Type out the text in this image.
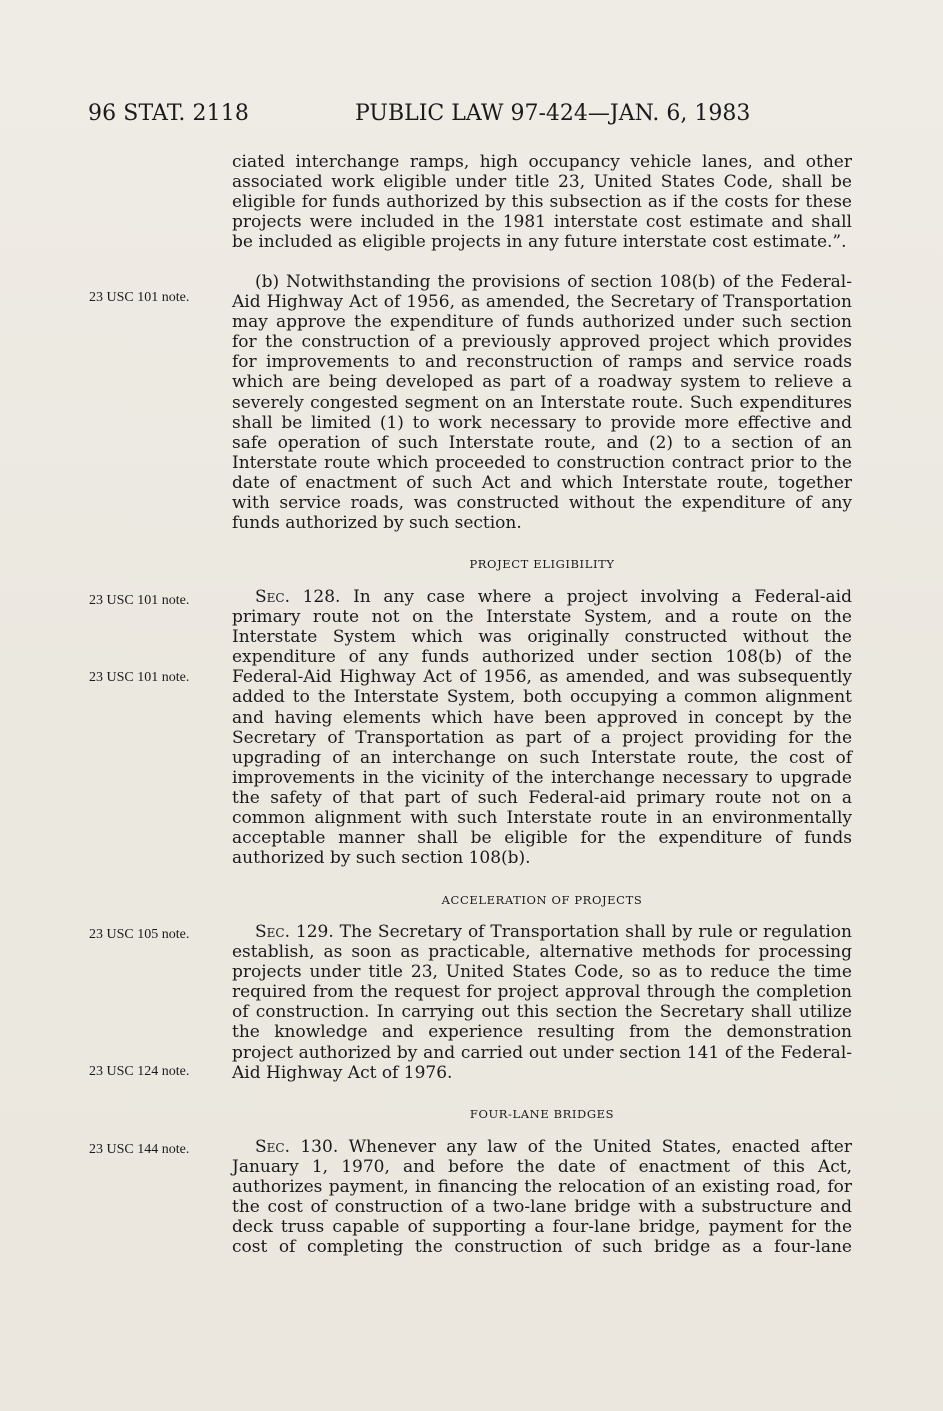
96 STAT. 2118	PUBLIC LAW 97-424—JAN. 6, 1983

ciated interchange ramps, high occupancy vehicle lanes, and other associated work eligible under title 23, United States Code, shall be eligible for funds authorized by this subsection as if the costs for these projects were included in the 1981 interstate cost estimate and shall be included as eligible projects in any future interstate cost estimate.”.

23 USC 101 note.

(b) Notwithstanding the provisions of section 108(b) of the Federal-Aid Highway Act of 1956, as amended, the Secretary of Transportation may approve the expenditure of funds authorized under such section for the construction of a previously approved project which provides for improvements to and reconstruction of ramps and service roads which are being developed as part of a roadway system to relieve a severely congested segment on an Interstate route. Such expenditures shall be limited (1) to work necessary to provide more effective and safe operation of such Interstate route, and (2) to a section of an Interstate route which proceeded to construction contract prior to the date of enactment of such Act and which Interstate route, together with service roads, was constructed without the expenditure of any funds authorized by such section.

PROJECT ELIGIBILITY
23 USC 101 note.
23 USC 101 note.

Sec. 128. In any case where a project involving a Federal-aid primary route not on the Interstate System, and a route on the Interstate System which was originally constructed without the expenditure of any funds authorized under section 108(b) of the Federal-Aid Highway Act of 1956, as amended, and was subsequently added to the Interstate System, both occupying a common alignment and having elements which have been approved in concept by the Secretary of Transportation as part of a project providing for the upgrading of an interchange on such Interstate route, the cost of improvements in the vicinity of the interchange necessary to upgrade the safety of that part of such Federal-aid primary route not on a common alignment with such Interstate route in an environmentally acceptable manner shall be eligible for the expenditure of funds authorized by such section 108(b).

ACCELERATION OF PROJECTS
23 USC 105 note.
23 USC 124 note.

Sec. 129. The Secretary of Transportation shall by rule or regulation establish, as soon as practicable, alternative methods for processing projects under title 23, United States Code, so as to reduce the time required from the request for project approval through the completion of construction. In carrying out this section the Secretary shall utilize the knowledge and experience resulting from the demonstration project authorized by and carried out under section 141 of the Federal-Aid Highway Act of 1976.

FOUR-LANE BRIDGES
23 USC 144 note.	Sec. 130. Whenever any law of the United States, enacted after January 1, 1970, and before the date of enactment of this Act, authorizes payment, in financing the relocation of an existing road, for the cost of construction of a two-lane bridge with a substructure and deck truss capable of supporting a four-lane bridge, payment for the cost of completing the construction of such bridge as a four-lane
